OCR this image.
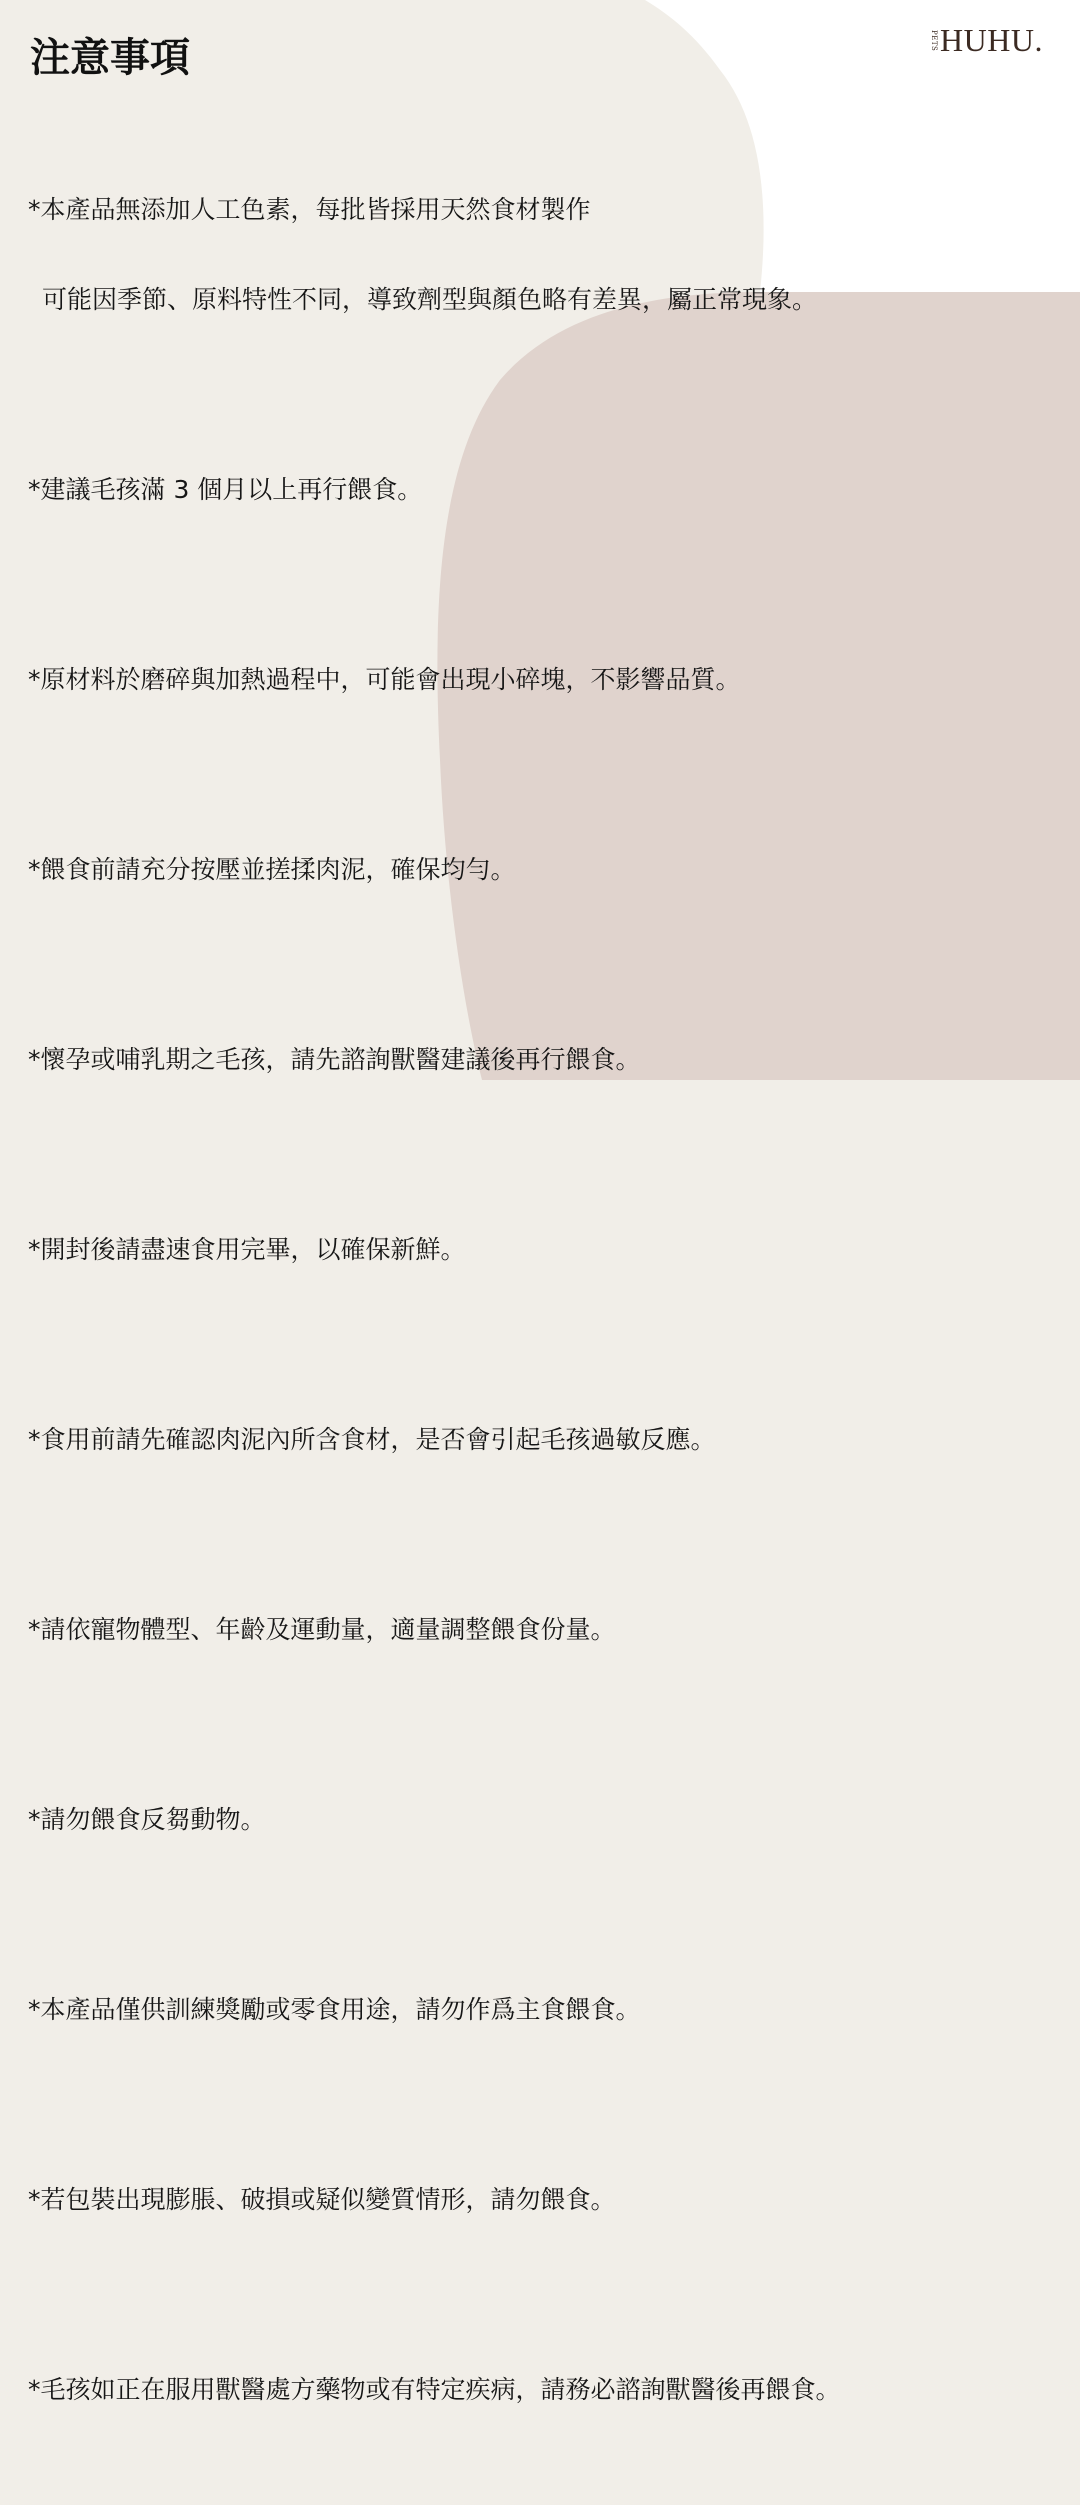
注意事項	PETS HUHU.

*本產品無添加人工色素，每批皆採用天然食材製作

可能因季節、原料特性不同，導致劑型與顏色略有差異，屬正常現象。

*建議毛孩滿 3 個月以上再行餵食。

*原材料於磨碎與加熱過程中，可能會出現小碎塊，不影響品質。

*餵食前請充分按壓並搓揉肉泥，確保均勻。

*懷孕或哺乳期之毛孩，請先諮詢獸醫建議後再行餵食。

*開封後請盡速食用完畢，以確保新鮮。

*食用前請先確認肉泥內所含食材，是否會引起毛孩過敏反應。

*請依寵物體型、年齡及運動量，適量調整餵食份量。

*請勿餵食反芻動物。

*本產品僅供訓練獎勵或零食用途，請勿作爲主食餵食。

*若包裝出現膨脹、破損或疑似變質情形，請勿餵食。

*毛孩如正在服用獸醫處方藥物或有特定疾病，請務必諮詢獸醫後再餵食。
